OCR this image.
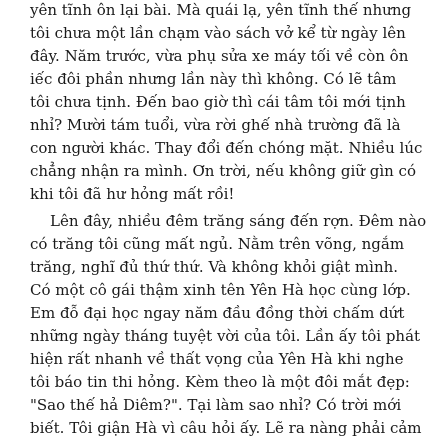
yên tĩnh ôn lại bài. Mà quái lạ, yên tĩnh thế nhưng
tôi chưa một lần chạm vào sách vở kể từ ngày lên
đây. Năm trước, vừa phụ sửa xe máy tối về còn ôn
iếc đôi phần nhưng lần này thì không. Có lẽ tâm
tôi chưa tịnh. Đến bao giờ thì cái tâm tôi mới tịnh
nhỉ? Mười tám tuổi, vừa rời ghế nhà trường đã là
con người khác. Thay đổi đến chóng mặt. Nhiều lúc
chẳng nhận ra mình. Ơn trời, nếu không giữ gìn có
khi tôi đã hư hỏng mất rồi!
Lên đây, nhiều đêm trăng sáng đến rợn. Đêm nào
có trăng tôi cũng mất ngủ. Nằm trên võng, ngắm
trăng, nghĩ đủ thứ thứ. Và không khỏi giật mình.
Có một cô gái thậm xinh tên Yên Hà học cùng lớp.
Em đỗ đại học ngay năm đầu đồng thời chấm dứt
những ngày tháng tuyệt vời của tôi. Lần ấy tôi phát
hiện rất nhanh về thất vọng của Yên Hà khi nghe
tôi báo tin thi hỏng. Kèm theo là một đôi mắt đẹp:
"Sao thế hả Diêm?". Tại làm sao nhỉ? Có trời mới
biết. Tôi giận Hà vì câu hỏi ấy. Lẽ ra nàng phải cảm
